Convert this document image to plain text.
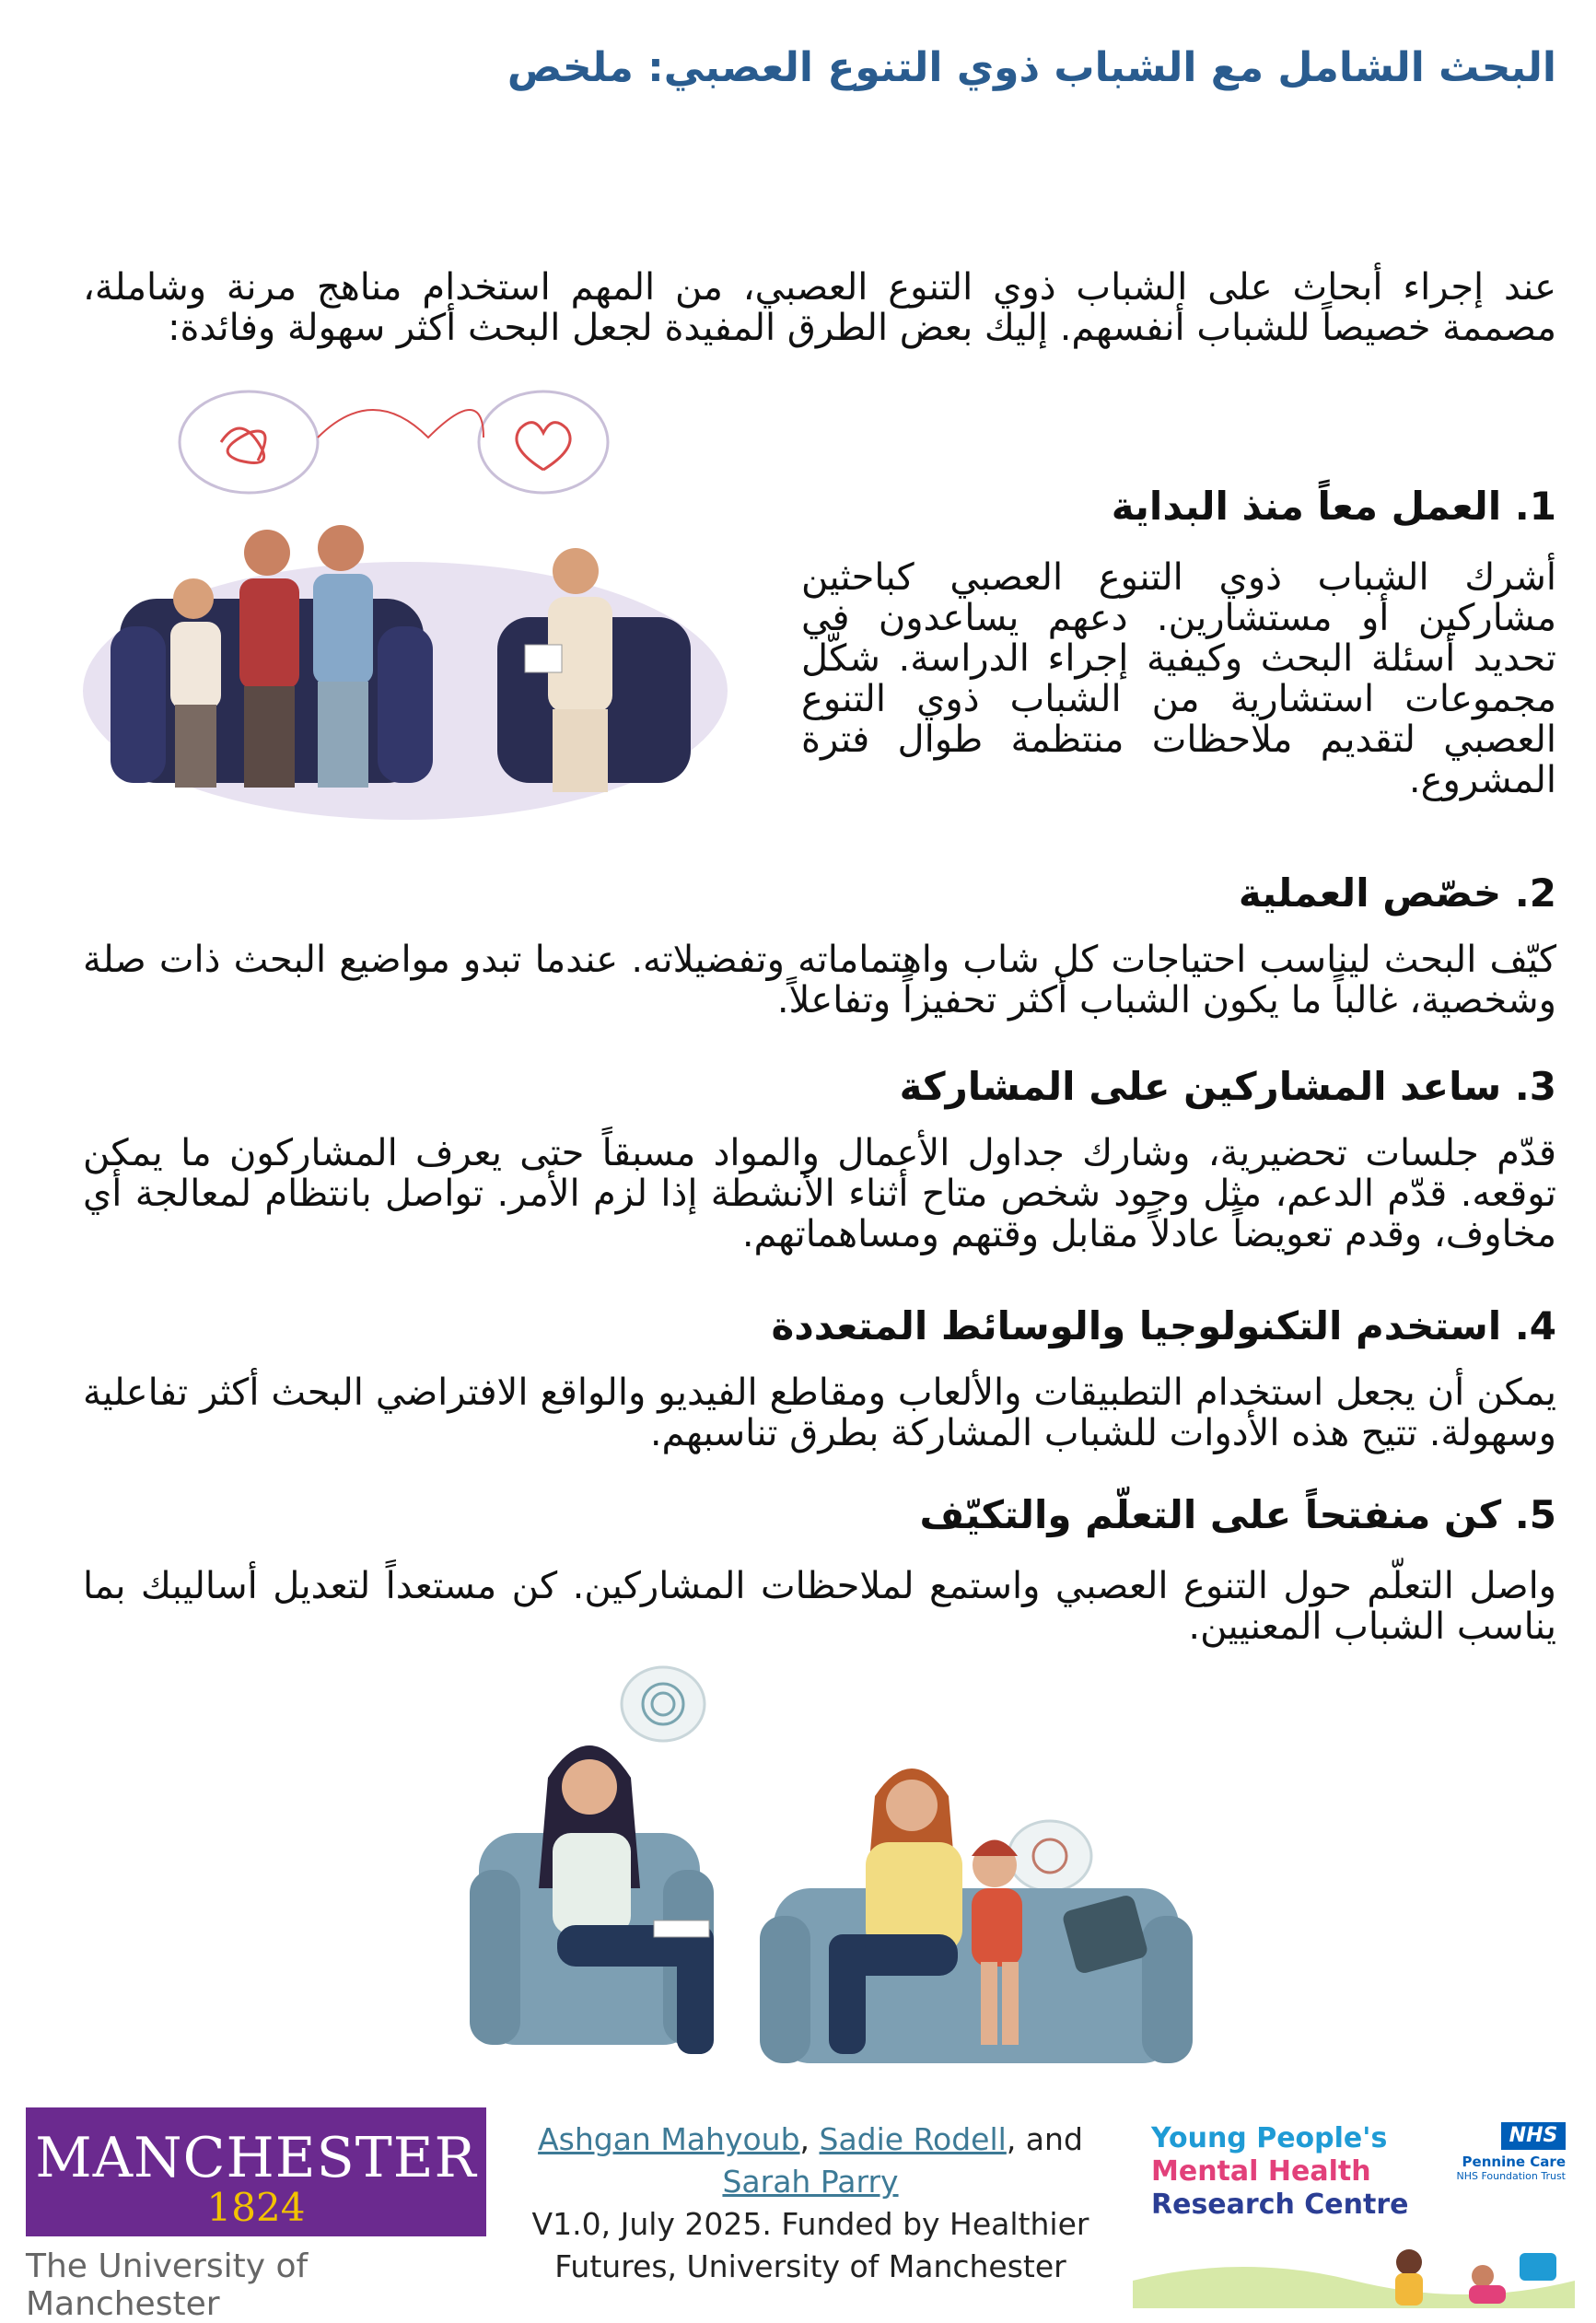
البحث الشامل مع الشباب ذوي التنوع العصبي: ملخص
عند إجراء أبحاث على الشباب ذوي التنوع العصبي، من المهم استخدام مناهج مرنة وشاملة، مصممة خصيصاً للشباب أنفسهم. إليك بعض الطرق المفيدة لجعل البحث أكثر سهولة وفائدة:
1. العمل معاً منذ البداية
أشرك الشباب ذوي التنوع العصبي كباحثين مشاركين أو مستشارين. دعهم يساعدون في تحديد أسئلة البحث وكيفية إجراء الدراسة. شكّل مجموعات استشارية من الشباب ذوي التنوع العصبي لتقديم ملاحظات منتظمة طوال فترة المشروع.
2. خصّص العملية
كيّف البحث ليناسب احتياجات كل شاب واهتماماته وتفضيلاته. عندما تبدو مواضيع البحث ذات صلة وشخصية، غالباً ما يكون الشباب أكثر تحفيزاً وتفاعلاً.
3. ساعد المشاركين على المشاركة
قدّم جلسات تحضيرية، وشارك جداول الأعمال والمواد مسبقاً حتى يعرف المشاركون ما يمكن توقعه. قدّم الدعم، مثل وجود شخص متاح أثناء الأنشطة إذا لزم الأمر. تواصل بانتظام لمعالجة أي مخاوف، وقدم تعويضاً عادلاً مقابل وقتهم ومساهماتهم.
4. استخدم التكنولوجيا والوسائط المتعددة
يمكن أن يجعل استخدام التطبيقات والألعاب ومقاطع الفيديو والواقع الافتراضي البحث أكثر تفاعلية وسهولة. تتيح هذه الأدوات للشباب المشاركة بطرق تناسبهم.
5. كن منفتحاً على التعلّم والتكيّف
واصل التعلّم حول التنوع العصبي واستمع لملاحظات المشاركين. كن مستعداً لتعديل أساليبك بما يناسب الشباب المعنيين.
MANCHESTER
1824
The University of Manchester
Ashgan Mahyoub, Sadie Rodell, and Sarah Parry
V1.0, July 2025. Funded by Healthier Futures, University of Manchester
Young People's
Mental Health
Research Centre
NHS
Pennine Care
NHS Foundation Trust
